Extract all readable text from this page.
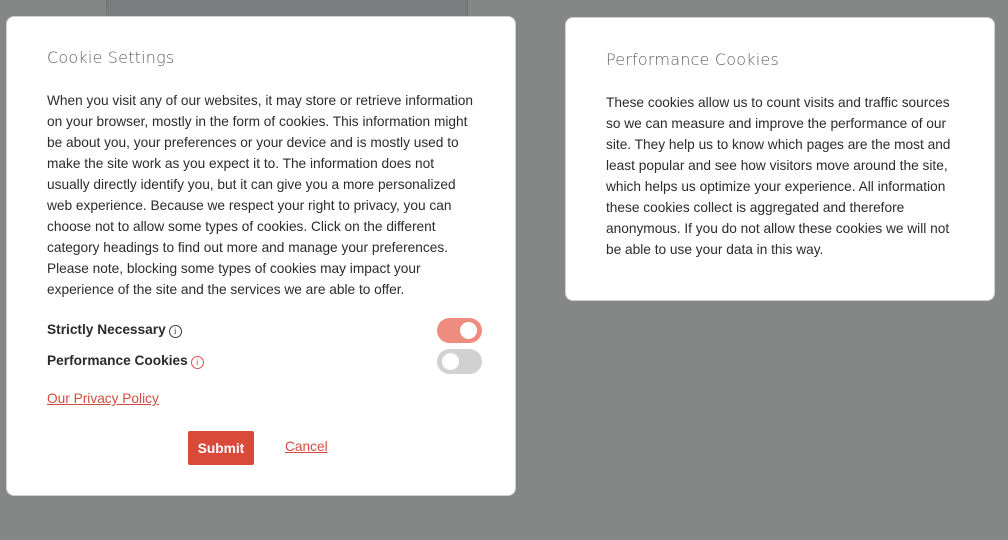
Cookie Settings

When you visit any of our websites, it may store or retrieve information on your browser, mostly in the form of cookies. This information might be about you, your preferences or your device and is mostly used to make the site work as you expect it to. The information does not usually directly identify you, but it can give you a more personalized web experience. Because we respect your right to privacy, you can choose not to allow some types of cookies. Click on the different category headings to find out more and manage your preferences. Please note, blocking some types of cookies may impact your experience of the site and the services we are able to offer.

Strictly Necessary i
Performance Cookies i
Our Privacy Policy
Submit	Cancel
Performance Cookies

These cookies allow us to count visits and traffic sources so we can measure and improve the performance of our site. They help us to know which pages are the most and least popular and see how visitors move around the site, which helps us optimize your experience. All information these cookies collect is aggregated and therefore anonymous. If you do not allow these cookies we will not be able to use your data in this way.
